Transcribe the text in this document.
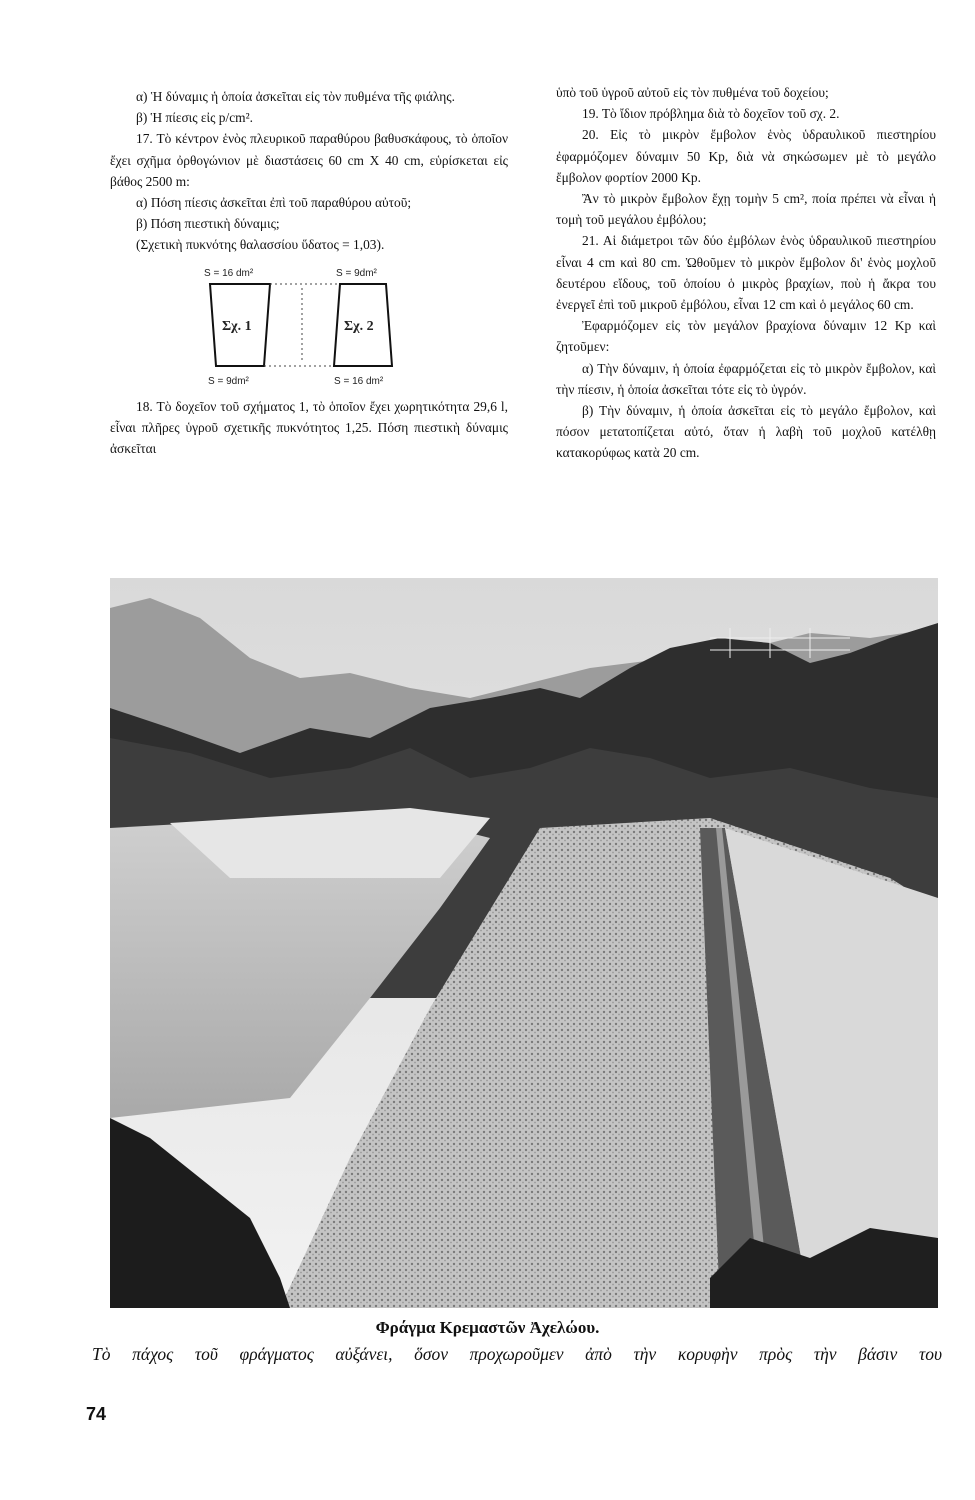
α) Ἡ δύναμις ἡ ὁποία ἀσκεῖται εἰς τὸν πυθμένα τῆς φιάλης.

β) Ἡ πίεσις εἰς p/cm².

17. Τὸ κέντρον ἑνὸς πλευρικοῦ παραθύρου βαθυσκάφους, τὸ ὁποῖον ἔχει σχῆμα ὀρθογώνιον μὲ διαστάσεις 60 cm X 40 cm, εὑρίσκεται εἰς βάθος 2500 m:

α) Πόση πίεσις ἀσκεῖται ἐπὶ τοῦ παραθύρου αὐτοῦ;

β) Πόση πιεστικὴ δύναμις;

(Σχετικὴ πυκνότης θαλασσίου ὕδατος = 1,03).

S = 16 dm²
S = 9dm²
S = 9dm²
S = 16 dm²
Σχ. 1	Σχ. 2

18. Τὸ δοχεῖον τοῦ σχήματος 1, τὸ ὁποῖον ἔχει χωρητικότητα 29,6 l, εἶναι πλῆρες ὑγροῦ σχετικῆς πυκνότητος 1,25. Πόση πιεστικὴ δύναμις ἀσκεῖται

ὑπὸ τοῦ ὑγροῦ αὐτοῦ εἰς τὸν πυθμένα τοῦ δοχείου;

19. Τὸ ἴδιον πρόβλημα διὰ τὸ δοχεῖον τοῦ σχ. 2.

20. Εἰς τὸ μικρὸν ἔμβολον ἑνὸς ὑδραυλικοῦ πιεστηρίου ἐφαρμόζομεν δύναμιν 50 Kp, διὰ νὰ σηκώσωμεν μὲ τὸ μεγάλο ἔμβολον φορτίον 2000 Kp.

Ἂν τὸ μικρὸν ἔμβολον ἔχῃ τομὴν 5 cm², ποία πρέπει νὰ εἶναι ἡ τομὴ τοῦ μεγάλου ἐμβόλου;

21. Αἱ διάμετροι τῶν δύο ἐμβόλων ἑνὸς ὑδραυλικοῦ πιεστηρίου εἶναι 4 cm καὶ 80 cm. Ὠθοῦμεν τὸ μικρὸν ἔμβολον δι' ἑνὸς μοχλοῦ δευτέρου εἴδους, τοῦ ὁποίου ὁ μικρὸς βραχίων, ποὺ ἡ ἄκρα του ἐνεργεῖ ἐπὶ τοῦ μικροῦ ἐμβόλου, εἶναι 12 cm καὶ ὁ μεγάλος 60 cm.

Ἐφαρμόζομεν εἰς τὸν μεγάλον βραχίονα δύναμιν 12 Kp καὶ ζητοῦμεν:

α) Τὴν δύναμιν, ἡ ὁποία ἐφαρμόζεται εἰς τὸ μικρὸν ἔμβολον, καὶ τὴν πίεσιν, ἡ ὁποία ἀσκεῖται τότε εἰς τὸ ὑγρόν.

β) Τὴν δύναμιν, ἡ ὁποία ἀσκεῖται εἰς τὸ μεγάλο ἔμβολον, καὶ πόσον μετατοπίζεται αὐτό, ὅταν ἡ λαβὴ τοῦ μοχλοῦ κατέλθῃ κατακορύφως κατὰ 20 cm.

Φράγμα Κρεμαστῶν Ἀχελώου.
Τὸ πάχος τοῦ φράγματος αὐξάνει, ὅσον προχωροῦμεν ἀπὸ τὴν κορυφὴν πρὸς τὴν βάσιν του
74
